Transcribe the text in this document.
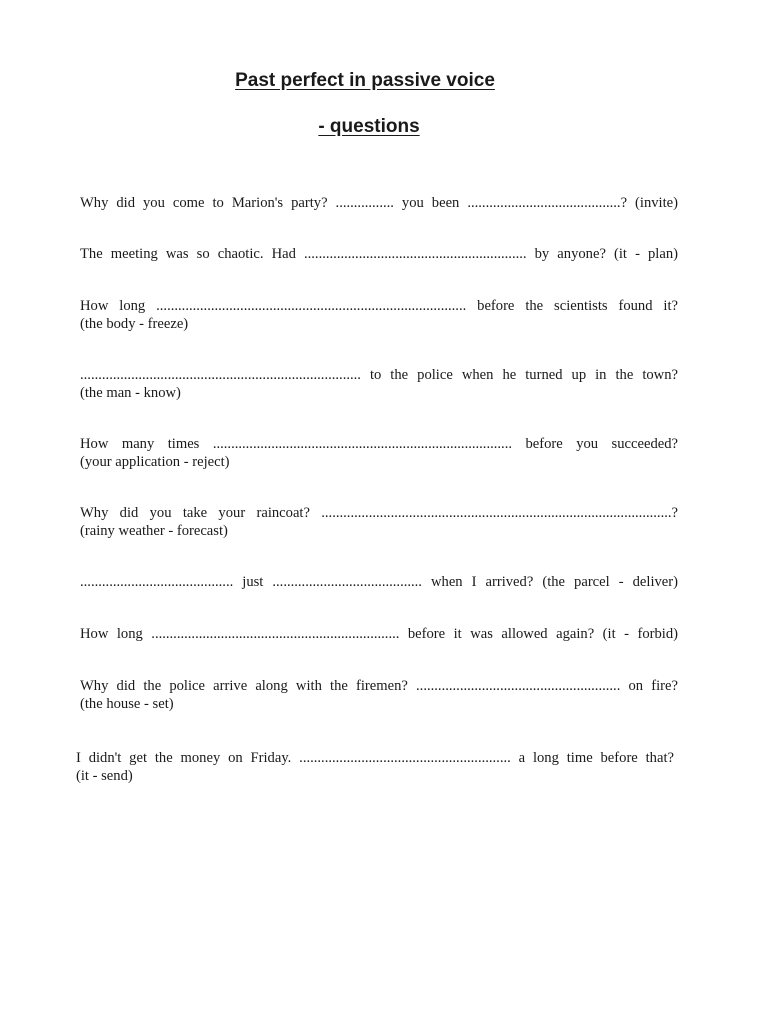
Past perfect in passive voice
- questions
Why did you come to Marion's party? ................ you been ..........................................? (invite)
The meeting was so chaotic. Had ............................................................. by anyone? (it - plan)
How long ..................................................................................... before the scientists found it?
(the body - freeze)
............................................................................. to the police when he turned up in the town?
(the man - know)
How many times .................................................................................. before you succeeded?
(your application - reject)
Why did you take your raincoat? ................................................................................................?
(rainy weather - forecast)
.......................................... just ......................................... when I arrived? (the parcel - deliver)
How long .................................................................... before it was allowed again? (it - forbid)
Why did the police arrive along with the firemen? ........................................................ on fire?
(the house - set)
I didn't get the money on Friday. .......................................................... a long time before that?
(it - send)
